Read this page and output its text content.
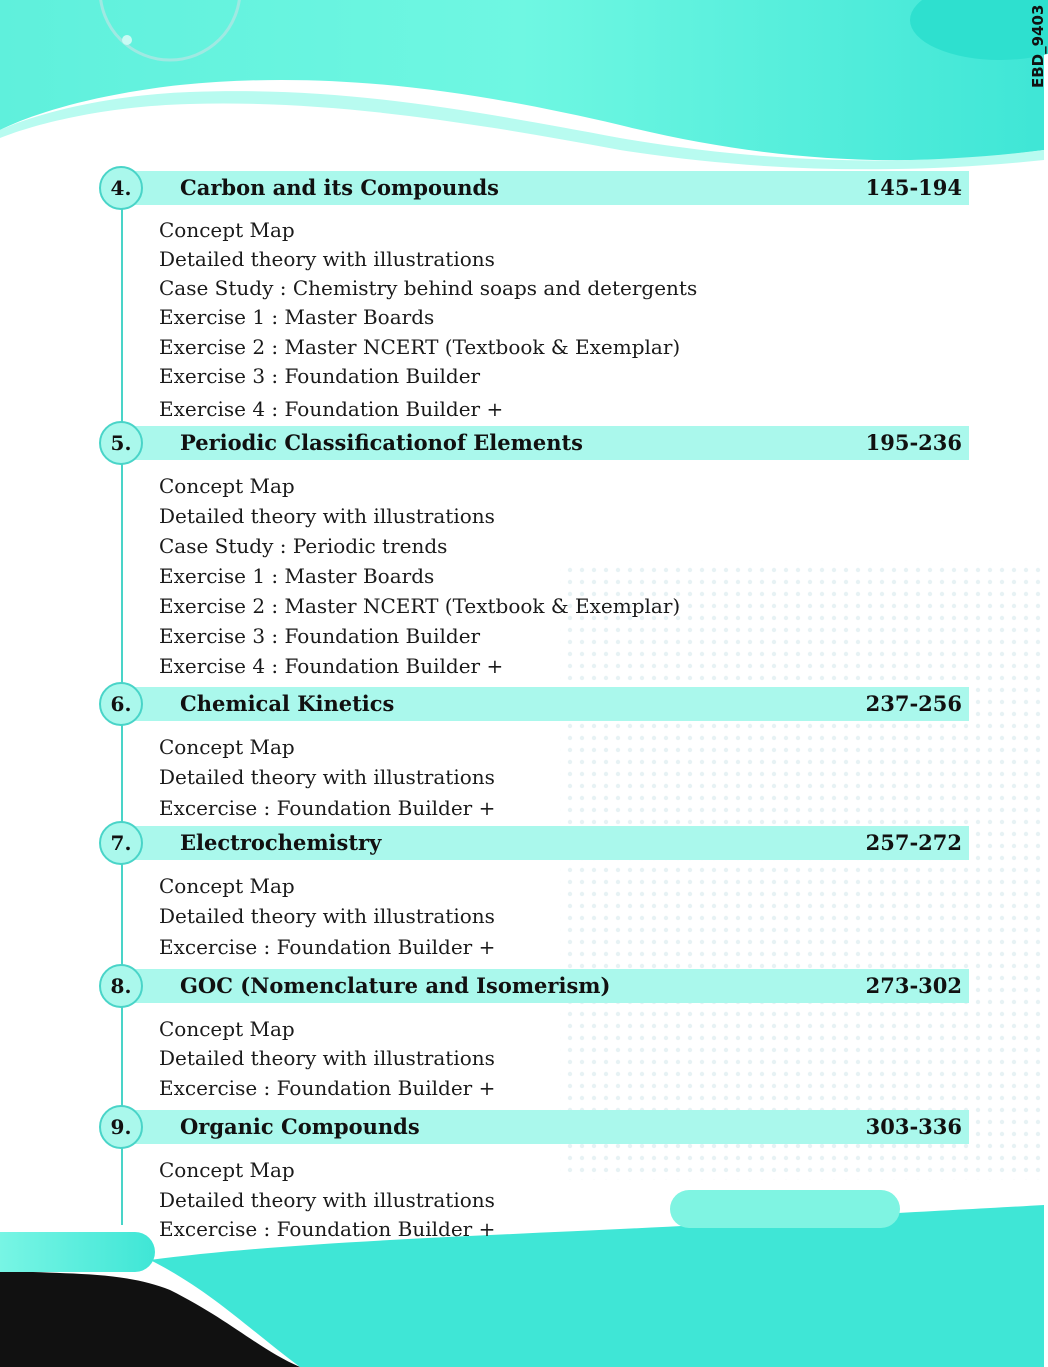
EBD_9403
4.	Carbon and its Compounds	145-194
Concept Map
Detailed theory with illustrations
Case Study : Chemistry behind soaps and detergents
Exercise 1 : Master Boards
Exercise 2 : Master NCERT (Textbook & Exemplar)
Exercise 3 : Foundation Builder
Exercise 4 : Foundation Builder +
5.	Periodic Classificationof Elements	195-236
Concept Map
Detailed theory with illustrations
Case Study : Periodic trends
Exercise 1 : Master Boards
Exercise 2 : Master NCERT (Textbook & Exemplar)
Exercise 3 : Foundation Builder
Exercise 4 : Foundation Builder +
6.	Chemical Kinetics	237-256
Concept Map
Detailed theory with illustrations
Excercise : Foundation Builder +
7.	Electrochemistry	257-272
Concept Map
Detailed theory with illustrations
Excercise : Foundation Builder +
8.	GOC (Nomenclature and Isomerism)	273-302
Concept Map
Detailed theory with illustrations
Excercise : Foundation Builder +
9.	Organic Compounds	303-336
Concept Map
Detailed theory with illustrations
Excercise : Foundation Builder +
